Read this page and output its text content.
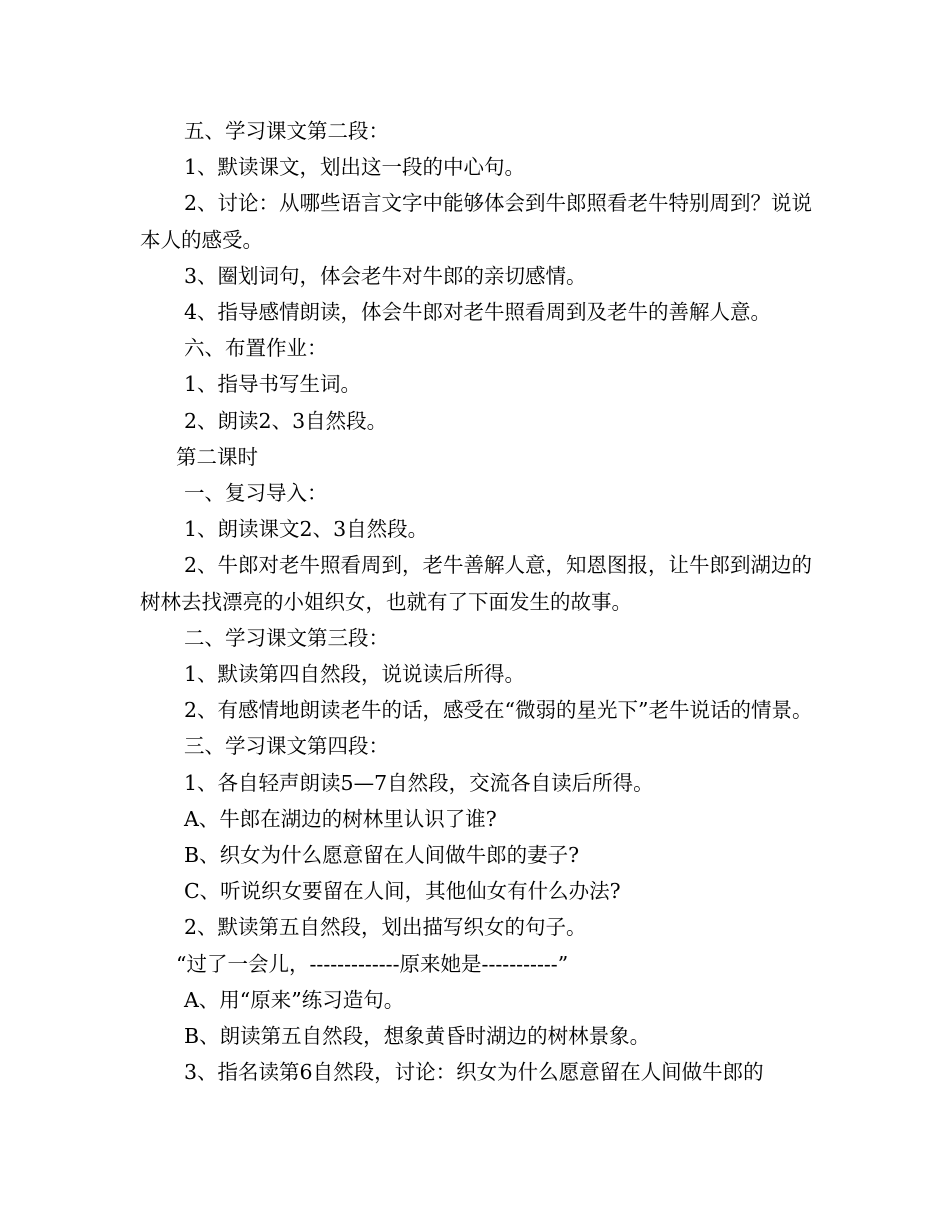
五、学习课文第二段：

1、默读课文，划出这一段的中心句。

2、讨论：从哪些语言文字中能够体会到牛郎照看老牛特别周到？说说本人的感受。

3、圈划词句，体会老牛对牛郎的亲切感情。

4、指导感情朗读，体会牛郎对老牛照看周到及老牛的善解人意。

六、布置作业：

1、指导书写生词。

2、朗读2、3自然段。

第二课时

一、复习导入：

1、朗读课文2、3自然段。

2、牛郎对老牛照看周到，老牛善解人意，知恩图报，让牛郎到湖边的树林去找漂亮的小姐织女，也就有了下面发生的故事。

二、学习课文第三段：

1、默读第四自然段，说说读后所得。

2、有感情地朗读老牛的话，感受在“微弱的星光下”老牛说话的情景。

三、学习课文第四段：

1、各自轻声朗读5—7自然段，交流各自读后所得。

A、牛郎在湖边的树林里认识了谁?

B、织女为什么愿意留在人间做牛郎的妻子?

C、听说织女要留在人间，其他仙女有什么办法?

2、默读第五自然段，划出描写织女的句子。

“过了一会儿，-------------原来她是-----------”

A、用“原来”练习造句。

B、朗读第五自然段，想象黄昏时湖边的树林景象。

3、指名读第6自然段，讨论：织女为什么愿意留在人间做牛郎的
